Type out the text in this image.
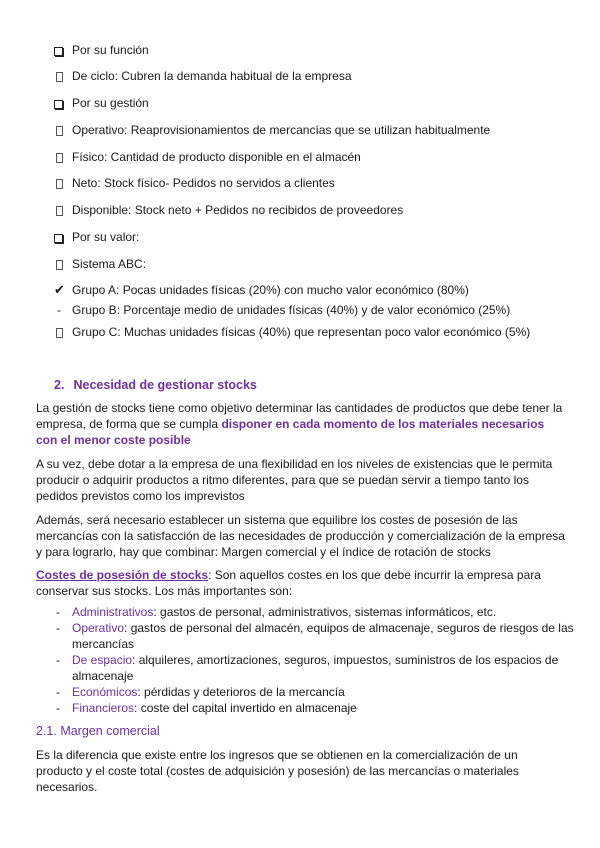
Por su función
De ciclo: Cubren la demanda habitual de la empresa
Por su gestión
Operativo: Reaprovisionamientos de mercancías que se utilizan habitualmente
Físico: Cantidad de producto disponible en el almacén
Neto: Stock físico- Pedidos no servidos a clientes
Disponible: Stock neto + Pedidos no recibidos de proveedores
Por su valor:
Sistema ABC:
✔ Grupo A: Pocas unidades físicas (20%) con mucho valor económico (80%)
- Grupo B: Porcentaje medio de unidades físicas (40%) y de valor económico (25%)
Grupo C: Muchas unidades físicas (40%) que representan poco valor económico (5%)
2. Necesidad de gestionar stocks
La gestión de stocks tiene como objetivo determinar las cantidades de productos que debe tener la empresa, de forma que se cumpla disponer en cada momento de los materiales necesarios con el menor coste posible
A su vez, debe dotar a la empresa de una flexibilidad en los niveles de existencias que le permita producir o adquirir productos a ritmo diferentes, para que se puedan servir a tiempo tanto los pedidos previstos como los imprevistos
Además, será necesario establecer un sistema que equilibre los costes de posesión de las mercancías con la satisfacción de las necesidades de producción y comercialización de la empresa y para lograrlo, hay que combinar: Margen comercial y el índice de rotación de stocks
Costes de posesión de stocks: Son aquellos costes en los que debe incurrir la empresa para conservar sus stocks. Los más importantes son:
- Administrativos: gastos de personal, administrativos, sistemas informáticos, etc.
- Operativo: gastos de personal del almacén, equipos de almacenaje, seguros de riesgos de las mercancías
- De espacio: alquileres, amortizaciones, seguros, impuestos, suministros de los espacios de almacenaje
- Económicos: pérdidas y deterioros de la mercancía
- Financieros: coste del capital invertido en almacenaje
2.1. Margen comercial
Es la diferencia que existe entre los ingresos que se obtienen en la comercialización de un producto y el coste total (costes de adquisición y posesión) de las mercancías o materiales necesarios.
